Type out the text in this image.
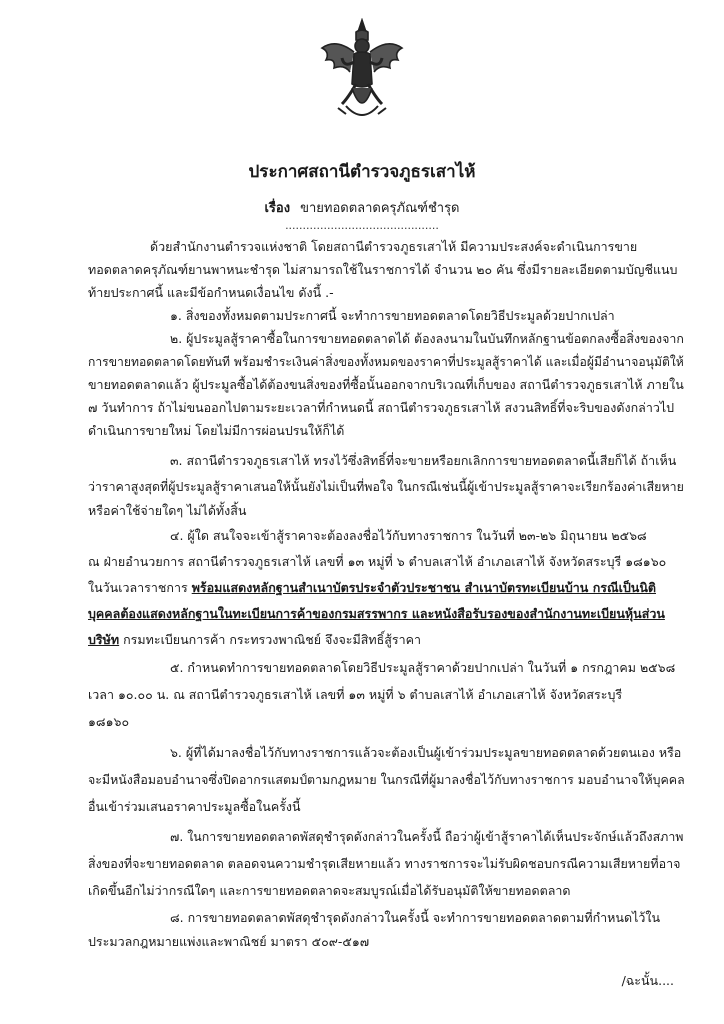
ประกาศสถานีตำรวจภูธรเสาไห้
เรื่อง ขายทอดตลาดครุภัณฑ์ชำรุด
............................................
ด้วยสำนักงานตำรวจแห่งชาติ โดยสถานีตำรวจภูธรเสาไห้ มีความประสงค์จะดำเนินการขาย
ทอดตลาดครุภัณฑ์ยานพาหนะชำรุด ไม่สามารถใช้ในราชการได้ จำนวน ๒๐ คัน ซึ่งมีรายละเอียดตามบัญชีแนบ
ท้ายประกาศนี้ และมีข้อกำหนดเงื่อนไข ดังนี้ .-
๑. สิ่งของทั้งหมดตามประกาศนี้ จะทำการขายทอดตลาดโดยวิธีประมูลด้วยปากเปล่า
๒. ผู้ประมูลสู้ราคาซื้อในการขายทอดตลาดได้ ต้องลงนามในบันทึกหลักฐานข้อตกลงซื้อสิ่งของจาก
การขายทอดตลาดโดยทันที พร้อมชำระเงินค่าสิ่งของทั้งหมดของราคาที่ประมูลสู้ราคาได้ และเมื่อผู้มีอำนาจอนุมัติให้
ขายทอดตลาดแล้ว ผู้ประมูลซื้อได้ต้องขนสิ่งของที่ซื้อนั้นออกจากบริเวณที่เก็บของ สถานีตำรวจภูธรเสาไห้ ภายใน
๗ วันทำการ ถ้าไม่ขนออกไปตามระยะเวลาที่กำหนดนี้ สถานีตำรวจภูธรเสาไห้ สงวนสิทธิ์ที่จะริบของดังกล่าวไป
ดำเนินการขายใหม่ โดยไม่มีการผ่อนปรนให้ก็ได้
๓. สถานีตำรวจภูธรเสาไห้ ทรงไว้ซึ่งสิทธิ์ที่จะขายหรือยกเลิกการขายทอดตลาดนี้เสียก็ได้ ถ้าเห็น
ว่าราคาสูงสุดที่ผู้ประมูลสู้ราคาเสนอให้นั้นยังไม่เป็นที่พอใจ ในกรณีเช่นนี้ผู้เข้าประมูลสู้ราคาจะเรียกร้องค่าเสียหาย
หรือค่าใช้จ่ายใดๆ ไม่ได้ทั้งสิ้น
๔. ผู้ใด สนใจจะเข้าสู้ราคาจะต้องลงชื่อไว้กับทางราชการ ในวันที่ ๒๓-๒๖ มิถุนายน ๒๕๖๘
ณ ฝ่ายอำนวยการ สถานีตำรวจภูธรเสาไห้ เลขที่ ๑๓ หมู่ที่ ๖ ตำบลเสาไห้ อำเภอเสาไห้ จังหวัดสระบุรี ๑๘๑๖๐
ในวันเวลาราชการ พร้อมแสดงหลักฐานสำเนาบัตรประจำตัวประชาชน สำเนาบัตรทะเบียนบ้าน กรณีเป็นนิติ
บุคคลต้องแสดงหลักฐานในทะเบียนการค้าของกรมสรรพากร และหนังสือรับรองของสำนักงานทะเบียนหุ้นส่วน
บริษัท กรมทะเบียนการค้า กระทรวงพาณิชย์ จึงจะมีสิทธิ์สู้ราคา
๕. กำหนดทำการขายทอดตลาดโดยวิธีประมูลสู้ราคาด้วยปากเปล่า ในวันที่ ๑ กรกฎาคม ๒๕๖๘
เวลา ๑๐.๐๐ น. ณ สถานีตำรวจภูธรเสาไห้ เลขที่ ๑๓ หมู่ที่ ๖ ตำบลเสาไห้ อำเภอเสาไห้ จังหวัดสระบุรี
๑๘๑๖๐
๖. ผู้ที่ได้มาลงชื่อไว้กับทางราชการแล้วจะต้องเป็นผู้เข้าร่วมประมูลขายทอดตลาดด้วยตนเอง หรือ
จะมีหนังสือมอบอำนาจซึ่งปิดอากรแสตมป์ตามกฎหมาย ในกรณีที่ผู้มาลงชื่อไว้กับทางราชการ มอบอำนาจให้บุคคล
อื่นเข้าร่วมเสนอราคาประมูลซื้อในครั้งนี้
๗. ในการขายทอดตลาดพัสดุชำรุดดังกล่าวในครั้งนี้ ถือว่าผู้เข้าสู้ราคาได้เห็นประจักษ์แล้วถึงสภาพ
สิ่งของที่จะขายทอดตลาด ตลอดจนความชำรุดเสียหายแล้ว ทางราชการจะไม่รับผิดชอบกรณีความเสียหายที่อาจ
เกิดขึ้นอีกไม่ว่ากรณีใดๆ และการขายทอดตลาดจะสมบูรณ์เมื่อได้รับอนุมัติให้ขายทอดตลาด
๘. การขายทอดตลาดพัสดุชำรุดดังกล่าวในครั้งนี้ จะทำการขายทอดตลาดตามที่กำหนดไว้ใน
ประมวลกฎหมายแพ่งและพาณิชย์ มาตรา ๕๐๙-๕๑๗
/ฉะนั้น....
